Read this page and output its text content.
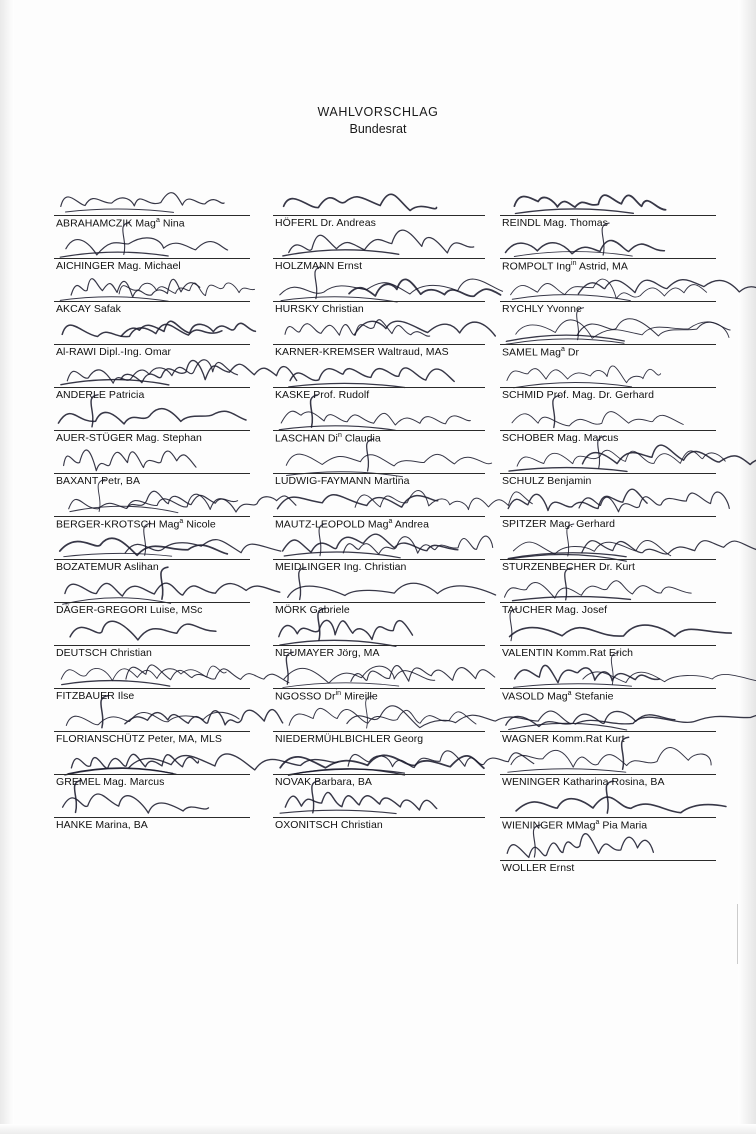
WAHLVORSCHLAG
Bundesrat
ABRAHAMCZIK Mag$^a$ Nina
AICHINGER Mag. Michael
AKCAY Safak
Al-RAWI Dipl.-Ing. Omar
ANDERLE Patricia
AUER-STÜGER Mag. Stephan
BAXANT Petr, BA
BERGER-KROTSCH Mag$^a$ Nicole
BOZATEMUR Aslihan
DÄGER-GREGORI Luise, MSc
DEUTSCH Christian
FITZBAUER Ilse
FLORIANSCHÜTZ Peter, MA, MLS
GREMEL Mag. Marcus
HANKE Marina, BA
HÖFERL Dr. Andreas
HOLZMANN Ernst
HURSKY Christian
KARNER-KREMSER Waltraud, MAS
KASKE Prof. Rudolf
LASCHAN Di$^n$ Claudia
LUDWIG-FAYMANN Martina
MAUTZ-LEOPOLD Mag$^a$ Andrea
MEIDLINGER Ing. Christian
MÖRK Gabriele
NEUMAYER Jörg, MA
NGOSSO $Dr^{in}$ Mireille
NIEDERMÜHLBICHLER Georg
NOVAK Barbara, BA
OXONITSCH Christian
REINDL Mag. Thomas
ROMPOLT Ing$^{in}$ Astrid, MA
RYCHLY Yvonne
SAMEL Mag$^a$ Dr
SCHMID Prof. Mag. Dr. Gerhard
SCHOBER Mag. Marcus
SCHULZ Benjamin
SPITZER Mag. Gerhard
STURZENBECHER Dr. Kurt
TAUCHER Mag. Josef
VALENTIN Komm.Rat Erich
VASOLD Mag$^a$ Stefanie
WAGNER Komm.Rat Kurt
WENINGER Katharina Rosina, BA
WIENINGER MMag$^a$ Pia Maria
WOLLER Ernst
